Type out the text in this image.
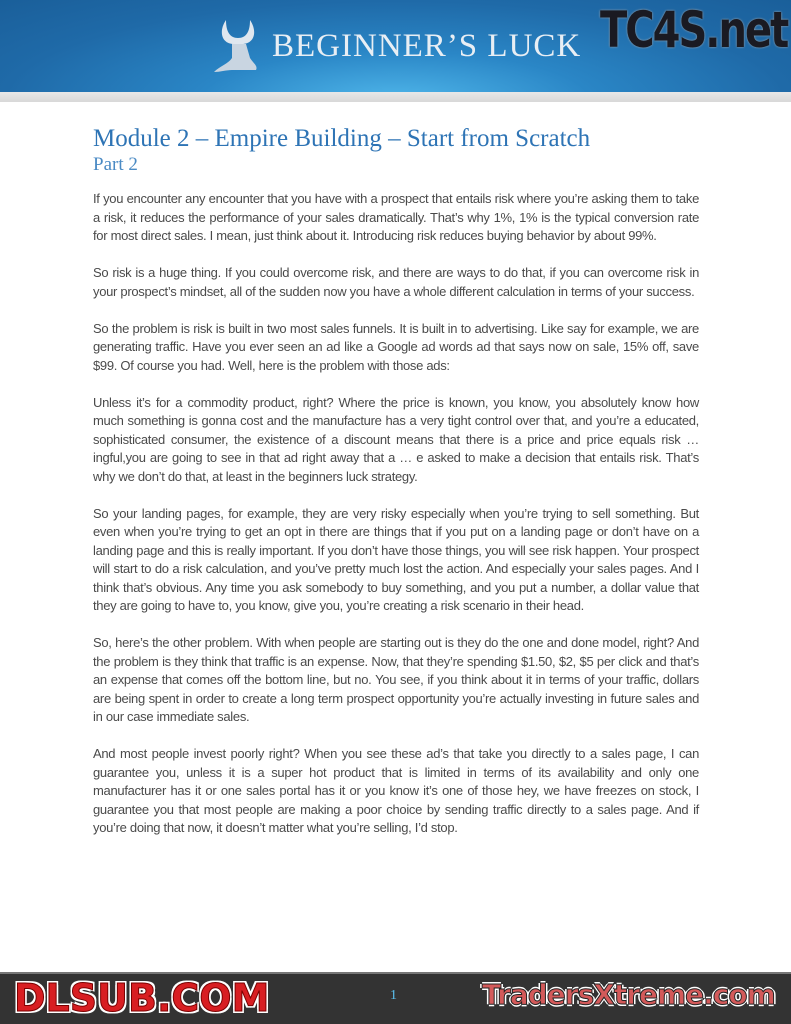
BEGINNER’S LUCK TC4S.net
Module 2 – Empire Building – Start from Scratch
Part 2

If you encounter any encounter that you have with a prospect that entails risk where you’re asking them to take a risk, it reduces the performance of your sales dramatically. That’s why 1%, 1% is the typical conversion rate for most direct sales. I mean, just think about it. Introducing risk reduces buying behavior by about 99%.

So risk is a huge thing. If you could overcome risk, and there are ways to do that, if you can overcome risk in your prospect’s mindset, all of the sudden now you have a whole different calculation in terms of your success.

So the problem is risk is built in two most sales funnels. It is built in to advertising. Like say for example, we are generating traffic. Have you ever seen an ad like a Google ad words ad that says now on sale, 15% off, save $99. Of course you had. Well, here is the problem with those ads:

Unless it’s for a commodity product, right? Where the price is known, you know, you absolutely know how much something is gonna cost and the manufacture has a very tight control over that, and you’re a educated, sophisticated consumer, the existence of a discount means that there is a price and price equals risk … ingful,you are going to see in that ad right away that a … e asked to make a decision that entails risk. That’s why we don’t do that, at least in the beginners luck strategy.

So your landing pages, for example, they are very risky especially when you’re trying to sell something. But even when you’re trying to get an opt in there are things that if you put on a landing page or don’t have on a landing page and this is really important. If you don’t have those things, you will see risk happen. Your prospect will start to do a risk calculation, and you’ve pretty much lost the action. And especially your sales pages. And I think that’s obvious. Any time you ask somebody to buy something, and you put a number, a dollar value that they are going to have to, you know, give you, you’re creating a risk scenario in their head.

So, here’s the other problem. With when people are starting out is they do the one and done model, right? And the problem is they think that traffic is an expense. Now, that they’re spending $1.50, $2, $5 per click and that’s an expense that comes off the bottom line, but no. You see, if you think about it in terms of your traffic, dollars are being spent in order to create a long term prospect opportunity you’re actually investing in future sales and in our case immediate sales.

And most people invest poorly right? When you see these ad’s that take you directly to a sales page, I can guarantee you, unless it is a super hot product that is limited in terms of its availability and only one manufacturer has it or one sales portal has it or you know it’s one of those hey, we have freezes on stock, I guarantee you that most people are making a poor choice by sending traffic directly to a sales page. And if you’re doing that now, it doesn’t matter what you’re selling, I’d stop.

DLSUB.COM	1	TradersXtreme.com
